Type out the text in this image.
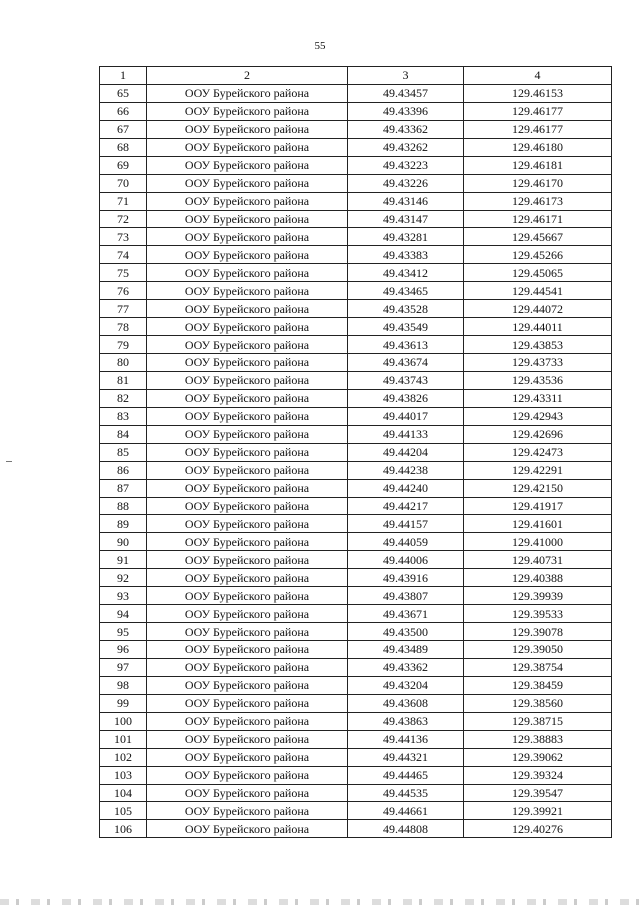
55
1	2	3	4
65	ООУ Бурейского района	49.43457	129.46153
66	ООУ Бурейского района	49.43396	129.46177
67	ООУ Бурейского района	49.43362	129.46177
68	ООУ Бурейского района	49.43262	129.46180
69	ООУ Бурейского района	49.43223	129.46181
70	ООУ Бурейского района	49.43226	129.46170
71	ООУ Бурейского района	49.43146	129.46173
72	ООУ Бурейского района	49.43147	129.46171
73	ООУ Бурейского района	49.43281	129.45667
74	ООУ Бурейского района	49.43383	129.45266
75	ООУ Бурейского района	49.43412	129.45065
76	ООУ Бурейского района	49.43465	129.44541
77	ООУ Бурейского района	49.43528	129.44072
78	ООУ Бурейского района	49.43549	129.44011
79	ООУ Бурейского района	49.43613	129.43853
80	ООУ Бурейского района	49.43674	129.43733
81	ООУ Бурейского района	49.43743	129.43536
82	ООУ Бурейского района	49.43826	129.43311
83	ООУ Бурейского района	49.44017	129.42943
84	ООУ Бурейского района	49.44133	129.42696
85	ООУ Бурейского района	49.44204	129.42473
86	ООУ Бурейского района	49.44238	129.42291
87	ООУ Бурейского района	49.44240	129.42150
88	ООУ Бурейского района	49.44217	129.41917
89	ООУ Бурейского района	49.44157	129.41601
90	ООУ Бурейского района	49.44059	129.41000
91	ООУ Бурейского района	49.44006	129.40731
92	ООУ Бурейского района	49.43916	129.40388
93	ООУ Бурейского района	49.43807	129.39939
94	ООУ Бурейского района	49.43671	129.39533
95	ООУ Бурейского района	49.43500	129.39078
96	ООУ Бурейского района	49.43489	129.39050
97	ООУ Бурейского района	49.43362	129.38754
98	ООУ Бурейского района	49.43204	129.38459
99	ООУ Бурейского района	49.43608	129.38560
100	ООУ Бурейского района	49.43863	129.38715
101	ООУ Бурейского района	49.44136	129.38883
102	ООУ Бурейского района	49.44321	129.39062
103	ООУ Бурейского района	49.44465	129.39324
104	ООУ Бурейского района	49.44535	129.39547
105	ООУ Бурейского района	49.44661	129.39921
106	ООУ Бурейского района	49.44808	129.40276
